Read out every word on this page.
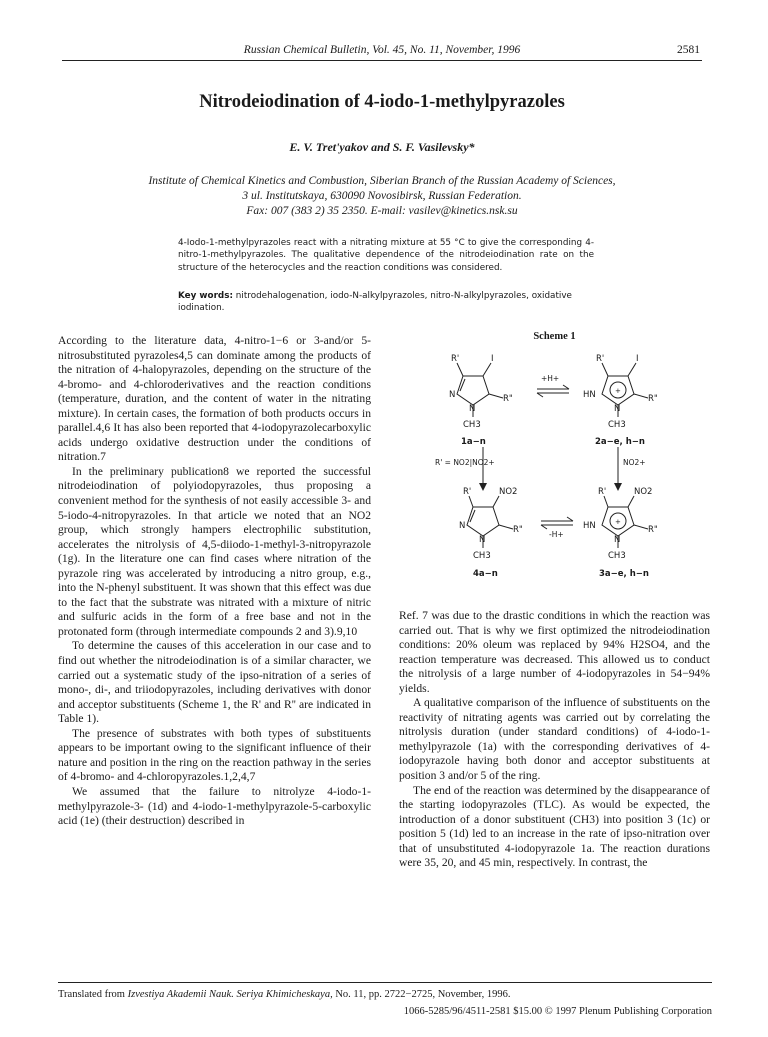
Russian Chemical Bulletin, Vol. 45, No. 11, November, 1996	2581
Nitrodeiodination of 4-iodo-1-methylpyrazoles
E. V. Tret'yakov and S. F. Vasilevsky*
Institute of Chemical Kinetics and Combustion, Siberian Branch of the Russian Academy of Sciences,
3 ul. Institutskaya, 630090 Novosibirsk, Russian Federation.
Fax: 007 (383 2) 35 2350. E-mail: vasilev@kinetics.nsk.su
4-Iodo-1-methylpyrazoles react with a nitrating mixture at 55 °C to give the corresponding 4-nitro-1-methylpyrazoles. The qualitative dependence of the nitrodeiodination rate on the structure of the heterocycles and the reaction conditions was considered.
Key words: nitrodehalogenation, iodo-N-alkylpyrazoles, nitro-N-alkylpyrazoles, oxidative iodination.

According to the literature data, 4-nitro-1−6 or 3-and/or 5-nitrosubstituted pyrazoles4,5 can dominate among the products of the nitration of 4-halopyrazoles, depending on the structure of the 4-bromo- and 4-chloroderivatives and the reaction conditions (temperature, duration, and the content of water in the nitrating mixture). In certain cases, the formation of both products occurs in parallel.4,6 It has also been reported that 4-iodopyrazolecarboxylic acids undergo oxidative destruction under the conditions of nitration.7

In the preliminary publication8 we reported the successful nitrodeiodination of polyiodopyrazoles, thus proposing a convenient method for the synthesis of not easily accessible 3- and 5-iodo-4-nitropyrazoles. In that article we noted that an NO2 group, which strongly hampers electrophilic substitution, accelerates the nitrolysis of 4,5-diiodo-1-methyl-3-nitropyrazole (1g). In the literature one can find cases where nitration of the pyrazole ring was accelerated by introducing a nitro group, e.g., into the N-phenyl substituent. It was shown that this effect was due to the fact that the substrate was nitrated with a mixture of nitric and sulfuric acids in the form of a free base and not in the protonated form (through intermediate compounds 2 and 3).9,10

To determine the causes of this acceleration in our case and to find out whether the nitrodeiodination is of a similar character, we carried out a systematic study of the ipso-nitration of a series of mono-, di-, and triiodopyrazoles, including derivatives with donor and acceptor substituents (Scheme 1, the R' and R'' are indicated in Table 1).

The presence of substrates with both types of substituents appears to be important owing to the significant influence of their nature and position in the ring on the reaction pathway in the series of 4-bromo- and 4-chloropyrazoles.1,2,4,7

We assumed that the failure to nitrolyze 4-iodo-1-methylpyrazole-3- (1d) and 4-iodo-1-methylpyrazole-5-carboxylic acid (1e) (their destruction) described in

Scheme 1
R'	I
N
N
R"
CH3
1a−n
+H+
R'	I
HN	+
N
R"
CH3
2a−e, h−n
R' = NO2|NO2+	NO2+
R'	NO2
N
N
R"
CH3
4a−n
-H+
R'	NO2
HN	+
N
R"
CH3
3a−e, h−n

Ref. 7 was due to the drastic conditions in which the reaction was carried out. That is why we first optimized the nitrodeiodination conditions: 20% oleum was replaced by 94% H2SO4, and the reaction temperature was decreased. This allowed us to conduct the nitrolysis of a large number of 4-iodopyrazoles in 54−94% yields.

A qualitative comparison of the influence of substituents on the reactivity of nitrating agents was carried out by correlating the nitrolysis duration (under standard conditions) of 4-iodo-1-methylpyrazole (1a) with the corresponding derivatives of 4-iodopyrazole having both donor and acceptor substituents at position 3 and/or 5 of the ring.

The end of the reaction was determined by the disappearance of the starting iodopyrazoles (TLC). As would be expected, the introduction of a donor substituent (CH3) into position 3 (1c) or position 5 (1d) led to an increase in the rate of ipso-nitration over that of unsubstituted 4-iodopyrazole 1a. The reaction durations were 35, 20, and 45 min, respectively. In contrast, the

Translated from Izvestiya Akademii Nauk. Seriya Khimicheskaya, No. 11, pp. 2722−2725, November, 1996.
1066-5285/96/4511-2581 $15.00 © 1997 Plenum Publishing Corporation
